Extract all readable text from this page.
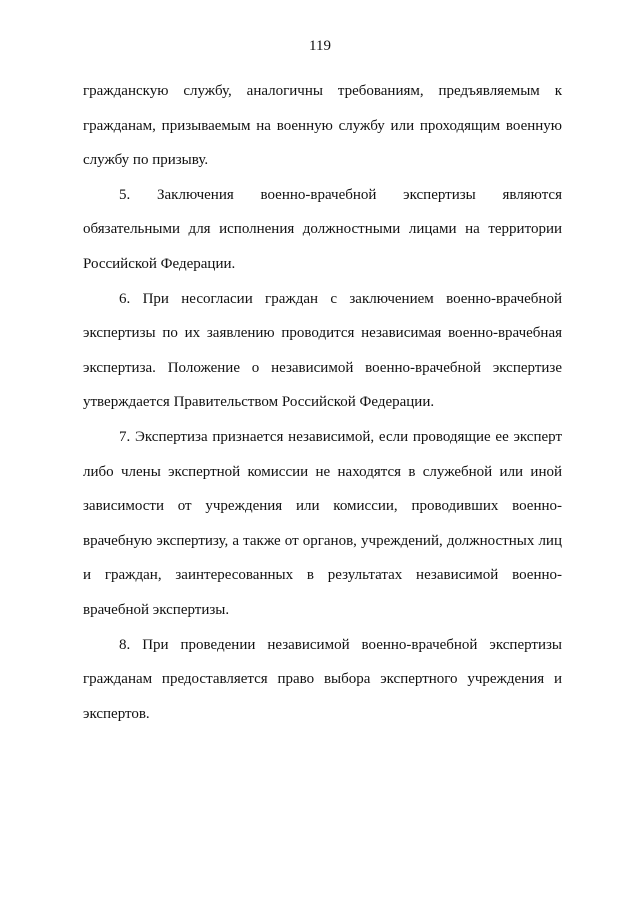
119

гражданскую службу, аналогичны требованиям, предъявляемым к гражданам, призываемым на военную службу или проходящим военную службу по призыву.

5. Заключения военно-врачебной экспертизы являются обязательными для исполнения должностными лицами на территории Российской Федерации.

6. При несогласии граждан с заключением военно-врачебной экспертизы по их заявлению проводится независимая военно-врачебная экспертиза. Положение о независимой военно-врачебной экспертизе утверждается Правительством Российской Федерации.

7. Экспертиза признается независимой, если проводящие ее эксперт либо члены экспертной комиссии не находятся в служебной или иной зависимости от учреждения или комиссии, проводивших военно-врачебную экспертизу, а также от органов, учреждений, должностных лиц и граждан, заинтересованных в результатах независимой военно-врачебной экспертизы.

8. При проведении независимой военно-врачебной экспертизы гражданам предоставляется право выбора экспертного учреждения и экспертов.
